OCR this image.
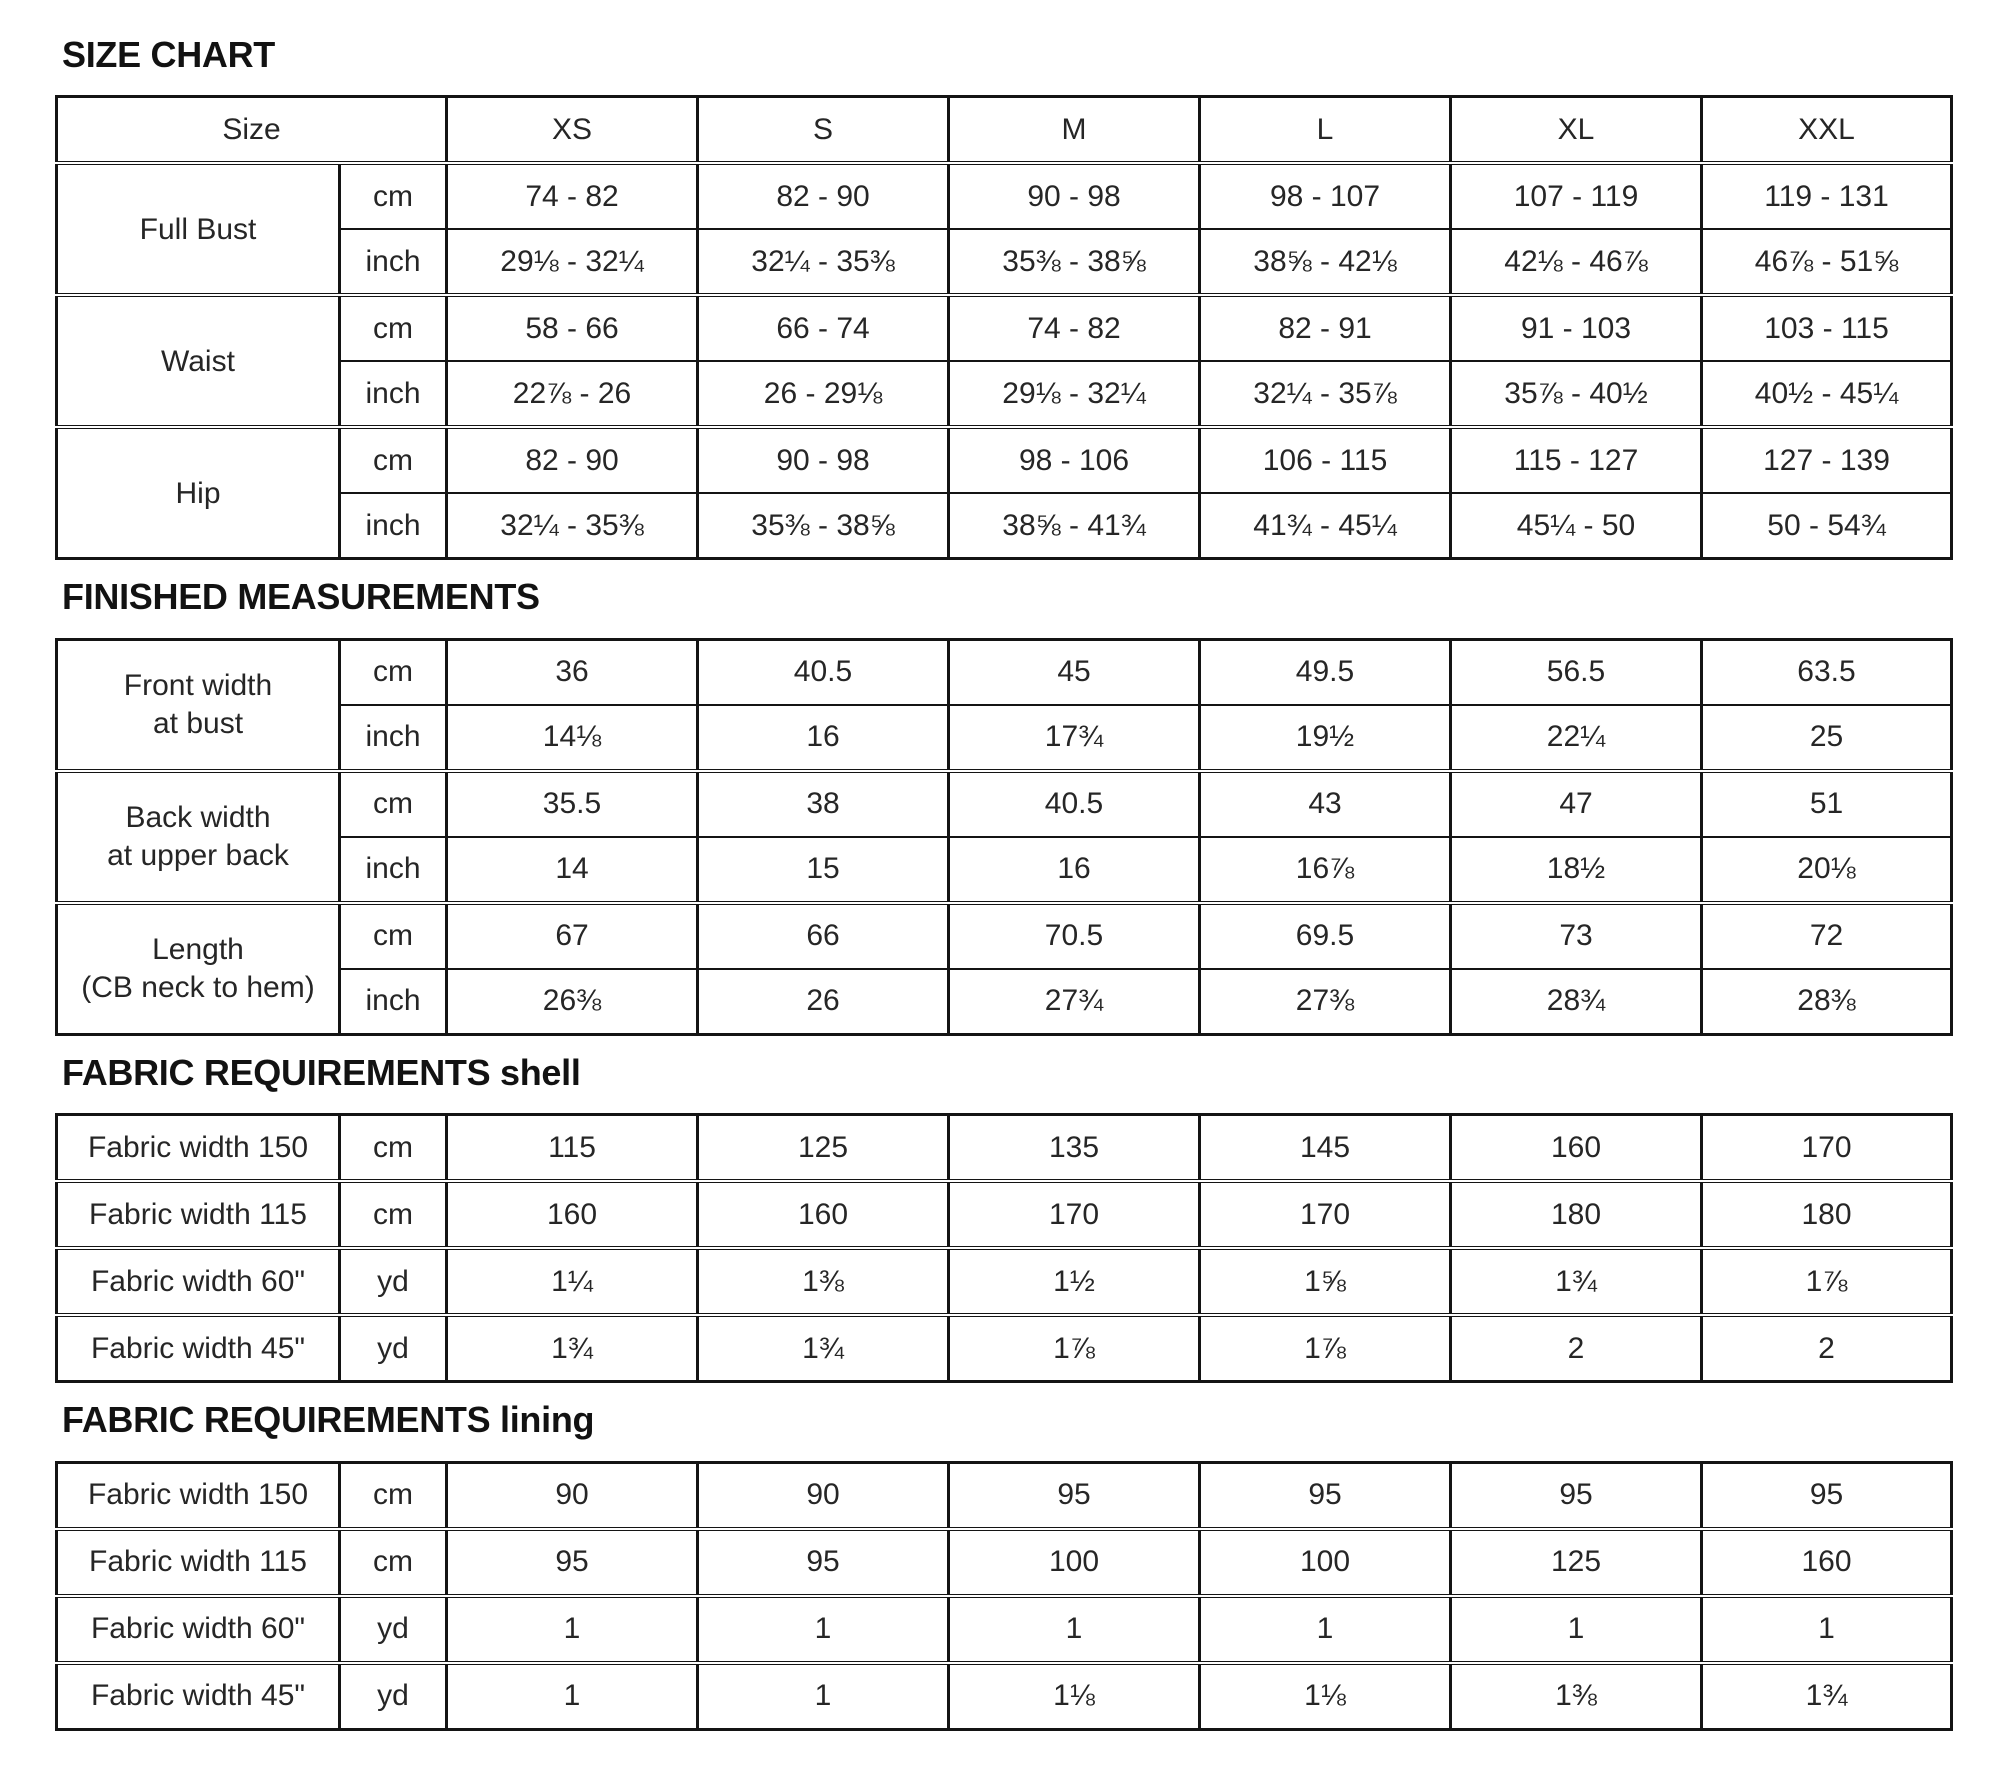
SIZE CHART
Size		XS	S	M	L	XL	XXL

Full Bust	cm	74 - 82	82 - 90	90 - 98	98 - 107	107 - 119	119 - 131
	inch	29⅛ - 32¼	32¼ - 35⅜	35⅜ - 38⅝	38⅝ - 42⅛	42⅛ - 46⅞	46⅞ - 51⅝

Waist	cm	58 - 66	66 - 74	74 - 82	82 - 91	91 - 103	103 - 115
	inch	22⅞ - 26	26 - 29⅛	29⅛ - 32¼	32¼ - 35⅞	35⅞ - 40½	40½ - 45¼

Hip	cm	82 - 90	90 - 98	98 - 106	106 - 115	115 - 127	127 - 139
	inch	32¼ - 35⅜	35⅜ - 38⅝	38⅝ - 41¾	41¾ - 45¼	45¼ - 50	50 - 54¾
FINISHED MEASUREMENTS
Front width
at bust	cm	36	40.5	45	49.5	56.5	63.5
	inch	14⅛	16	17¾	19½	22¼	25

Back width
at upper back	cm	35.5	38	40.5	43	47	51
	inch	14	15	16	16⅞	18½	20⅛

Length
(CB neck to hem)	cm	67	66	70.5	69.5	73	72
	inch	26⅜	26	27¾	27⅜	28¾	28⅜
FABRIC REQUIREMENTS shell
Fabric width 150	cm	115	125	135	145	160	170
Fabric width 115	cm	160	160	170	170	180	180
Fabric width 60"	yd	1¼	1⅜	1½	1⅝	1¾	1⅞
Fabric width 45"	yd	1¾	1¾	1⅞	1⅞	2	2
FABRIC REQUIREMENTS lining
Fabric width 150	cm	90	90	95	95	95	95
Fabric width 115	cm	95	95	100	100	125	160
Fabric width 60"	yd	1	1	1	1	1	1
Fabric width 45"	yd	1	1	1⅛	1⅛	1⅜	1¾
